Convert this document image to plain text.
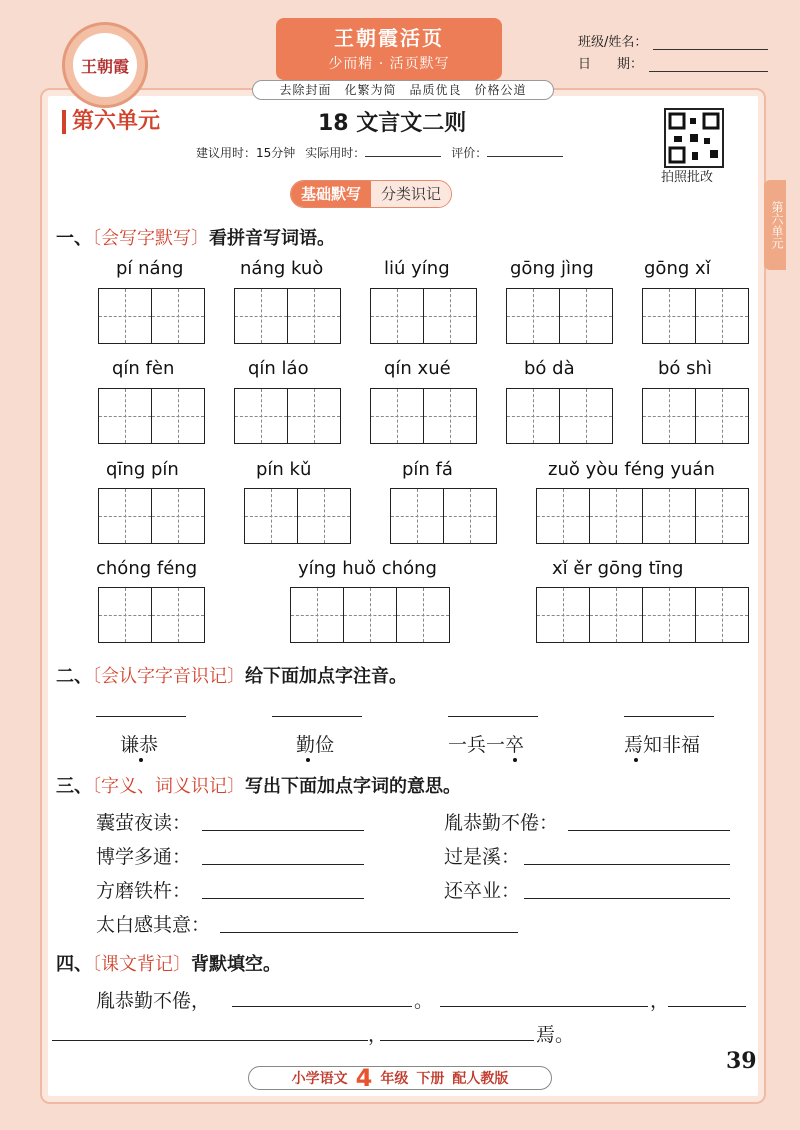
王朝霞
王朝霞活页
少而精 · 活页默写
去除封面　化繁为简　品质优良　价格公道
班级/姓名：
日　　期：
第六单元	18 文言文二则
建议用时：15分钟 实际用时：	评价：
拍照批改
第六单元
基础默写	分类识记
一、〔会写字默写〕看拼音写词语。
pí náng	náng kuò	liú yíng	gōng jìng	gōng xǐ
qín fèn	qín láo	qín xué	bó dà	bó shì
qīng pín	pín kǔ	pín fá	zuǒ yòu féng yuán
chóng féng	yíng huǒ chóng	xǐ ěr gōng tīng
二、〔会认字字音识记〕给下面加点字注音。
谦恭	勤俭	一兵一卒	焉知非福
三、〔字义、词义识记〕写出下面加点字词的意思。
囊萤夜读：	胤恭勤不倦：
博学多通：	过是溪：
方磨铁杵：	还卒业：
太白感其意：
四、〔课文背记〕背默填空。
胤恭勤不倦，	。	，
，	焉。
小学语文 4 年级 下册 配人教版
39
